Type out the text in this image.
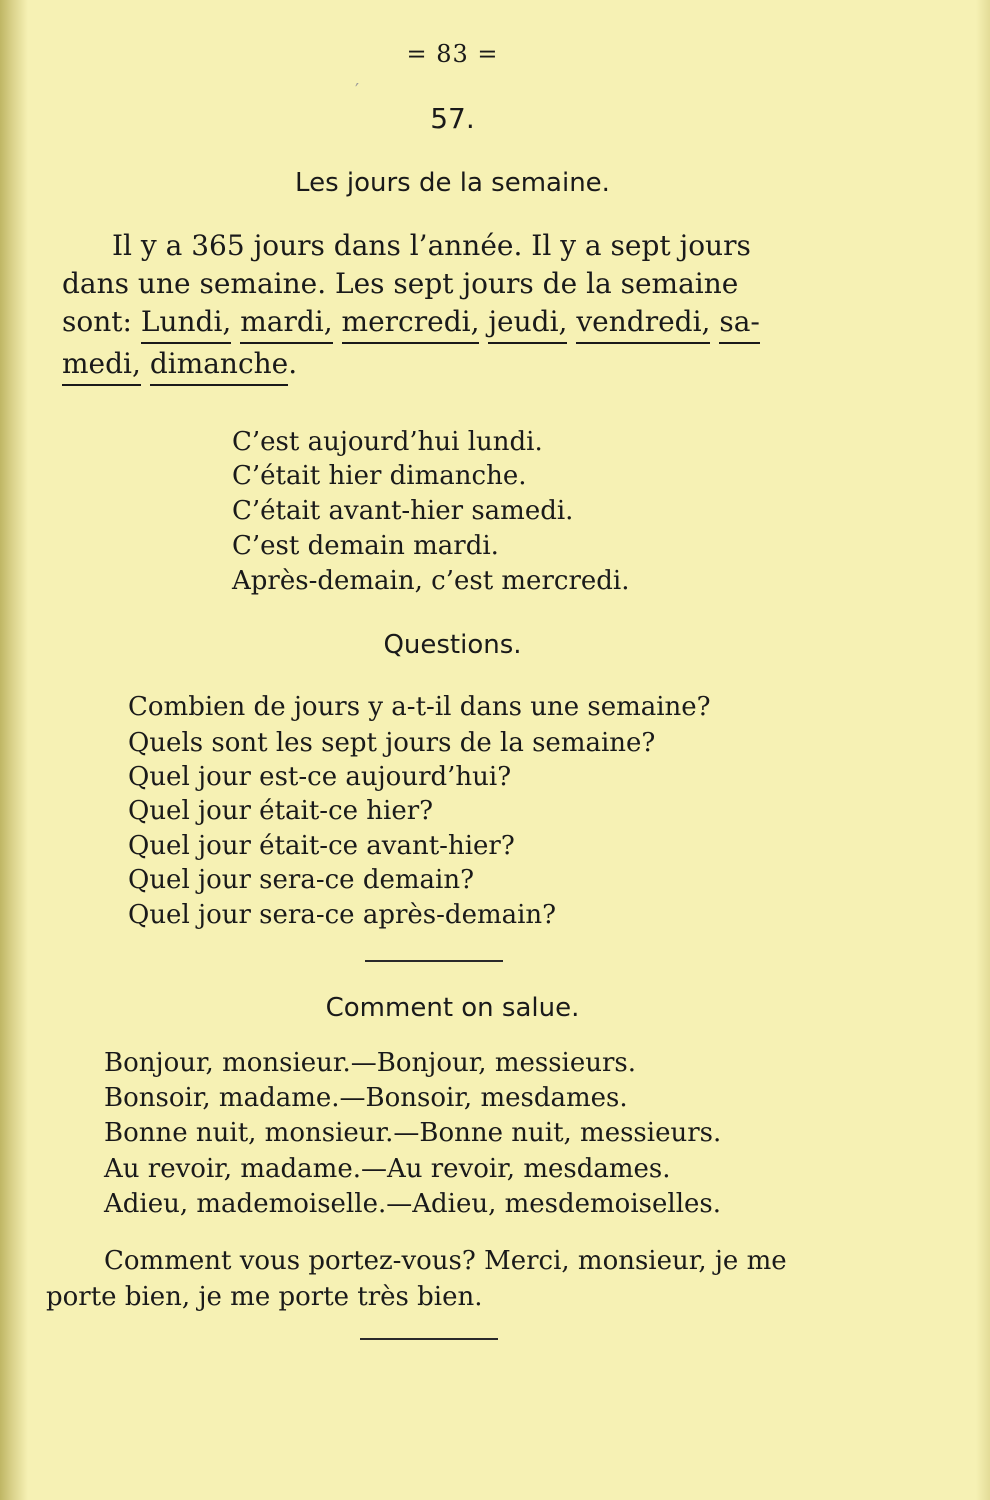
= 83 =
′
57.
Les jours de la semaine.
Il y a 365 jours dans l’année. Il y a sept jours
dans une semaine. Les sept jours de la semaine
sont: Lundi, mardi, mercredi, jeudi, vendredi, sa-
medi, dimanche.
C’est aujourd’hui lundi.
C’était hier dimanche.
C’était avant-hier samedi.
C’est demain mardi.
Après-demain, c’est mercredi.
Questions.
Combien de jours y a-t-il dans une semaine?
Quels sont les sept jours de la semaine?
Quel jour est-ce aujourd’hui?
Quel jour était-ce hier?
Quel jour était-ce avant-hier?
Quel jour sera-ce demain?
Quel jour sera-ce après-demain?
Comment on salue.
Bonjour, monsieur.—Bonjour, messieurs.
Bonsoir, madame.—Bonsoir, mesdames.
Bonne nuit, monsieur.—Bonne nuit, messieurs.
Au revoir, madame.—Au revoir, mesdames.
Adieu, mademoiselle.—Adieu, mesdemoiselles.
Comment vous portez-vous? Merci, monsieur, je me
porte bien, je me porte très bien.
